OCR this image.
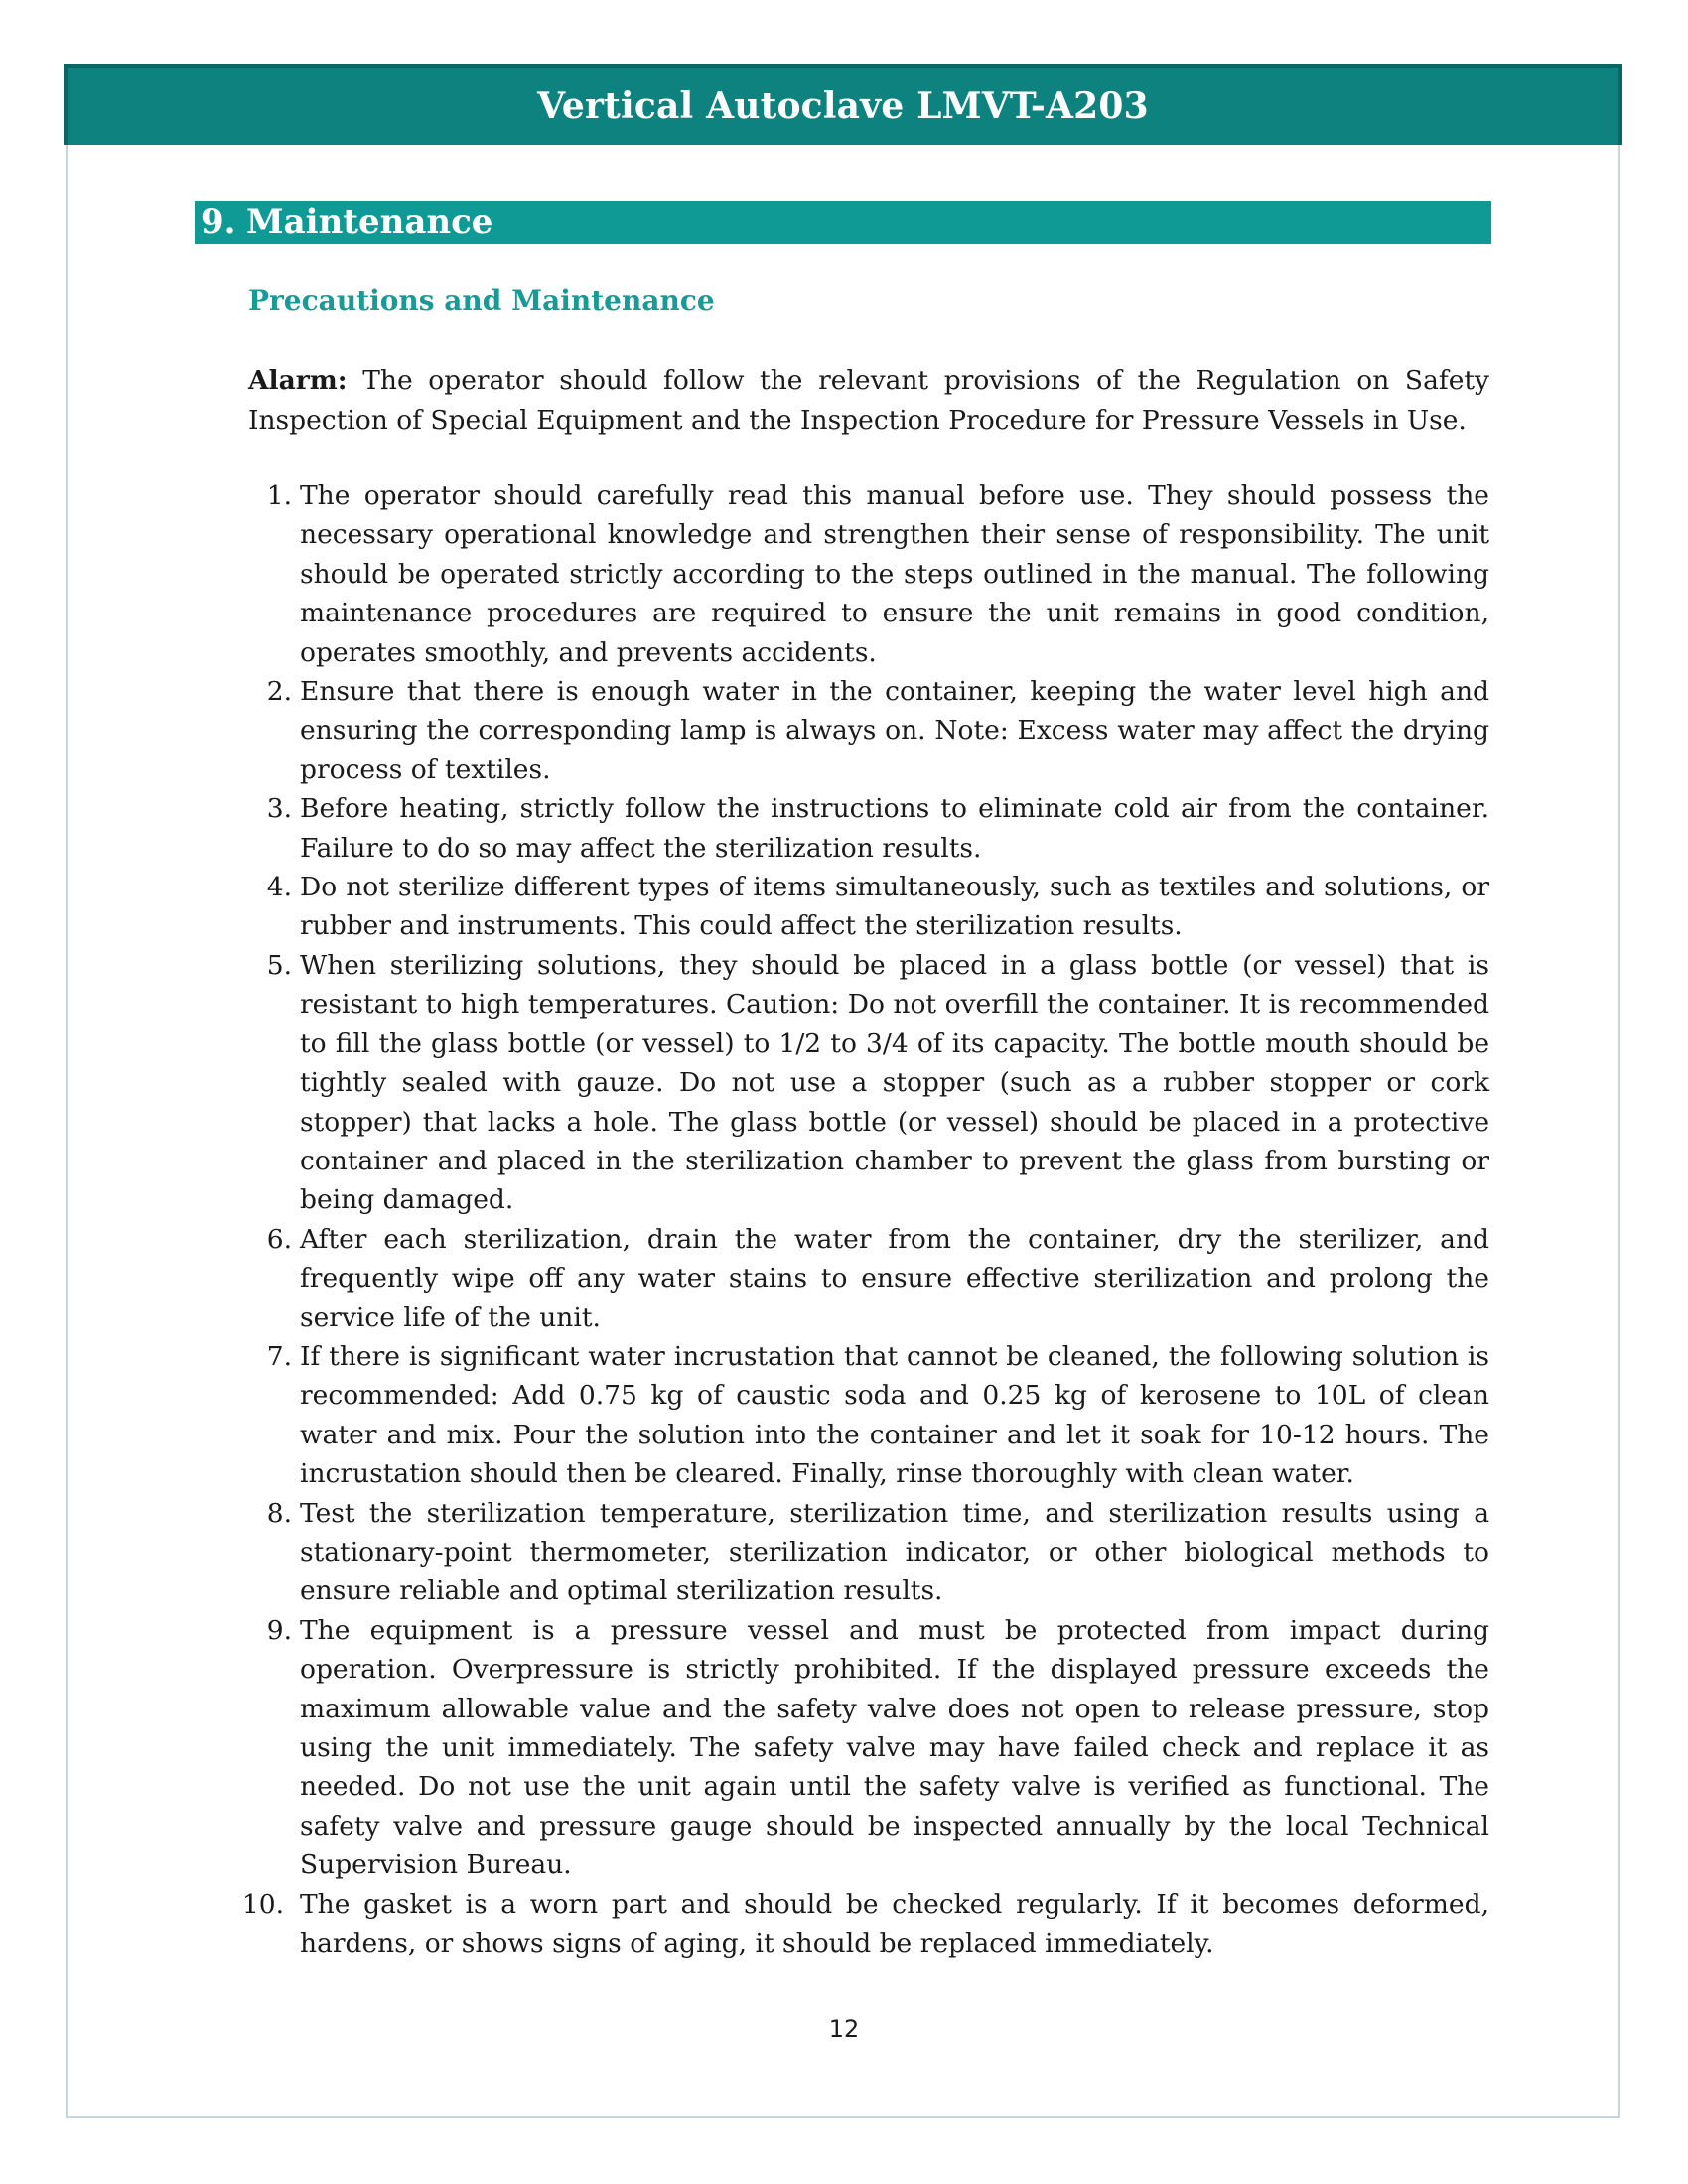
Vertical Autoclave LMVT-A203
9. Maintenance
Precautions and Maintenance
Alarm: The operator should follow the relevant provisions of the Regulation on Safety Inspection of Special Equipment and the Inspection Procedure for Pressure Vessels in Use.
1. The operator should carefully read this manual before use. They should possess the necessary operational knowledge and strengthen their sense of responsibility. The unit should be operated strictly according to the steps outlined in the manual. The following maintenance procedures are required to ensure the unit remains in good condition, operates smoothly, and prevents accidents.
2. Ensure that there is enough water in the container, keeping the water level high and ensuring the corresponding lamp is always on. Note: Excess water may affect the drying process of textiles.
3. Before heating, strictly follow the instructions to eliminate cold air from the container. Failure to do so may affect the sterilization results.
4. Do not sterilize different types of items simultaneously, such as textiles and solutions, or rubber and instruments. This could affect the sterilization results.
5. When sterilizing solutions, they should be placed in a glass bottle (or vessel) that is resistant to high temperatures. Caution: Do not overfill the container. It is recommended to fill the glass bottle (or vessel) to 1/2 to 3/4 of its capacity. The bottle mouth should be tightly sealed with gauze. Do not use a stopper (such as a rubber stopper or cork stopper) that lacks a hole. The glass bottle (or vessel) should be placed in a protective container and placed in the sterilization chamber to prevent the glass from bursting or being damaged.
6. After each sterilization, drain the water from the container, dry the sterilizer, and frequently wipe off any water stains to ensure effective sterilization and prolong the service life of the unit.
7. If there is significant water incrustation that cannot be cleaned, the following solution is recommended: Add 0.75 kg of caustic soda and 0.25 kg of kerosene to 10L of clean water and mix. Pour the solution into the container and let it soak for 10-12 hours. The incrustation should then be cleared. Finally, rinse thoroughly with clean water.
8. Test the sterilization temperature, sterilization time, and sterilization results using a stationary-point thermometer, sterilization indicator, or other biological methods to ensure reliable and optimal sterilization results.
9. The equipment is a pressure vessel and must be protected from impact during operation. Overpressure is strictly prohibited. If the displayed pressure exceeds the maximum allowable value and the safety valve does not open to release pressure, stop using the unit immediately. The safety valve may have failed check and replace it as needed. Do not use the unit again until the safety valve is verified as functional. The safety valve and pressure gauge should be inspected annually by the local Technical Supervision Bureau.
10. The gasket is a worn part and should be checked regularly. If it becomes deformed, hardens, or shows signs of aging, it should be replaced immediately.
12
